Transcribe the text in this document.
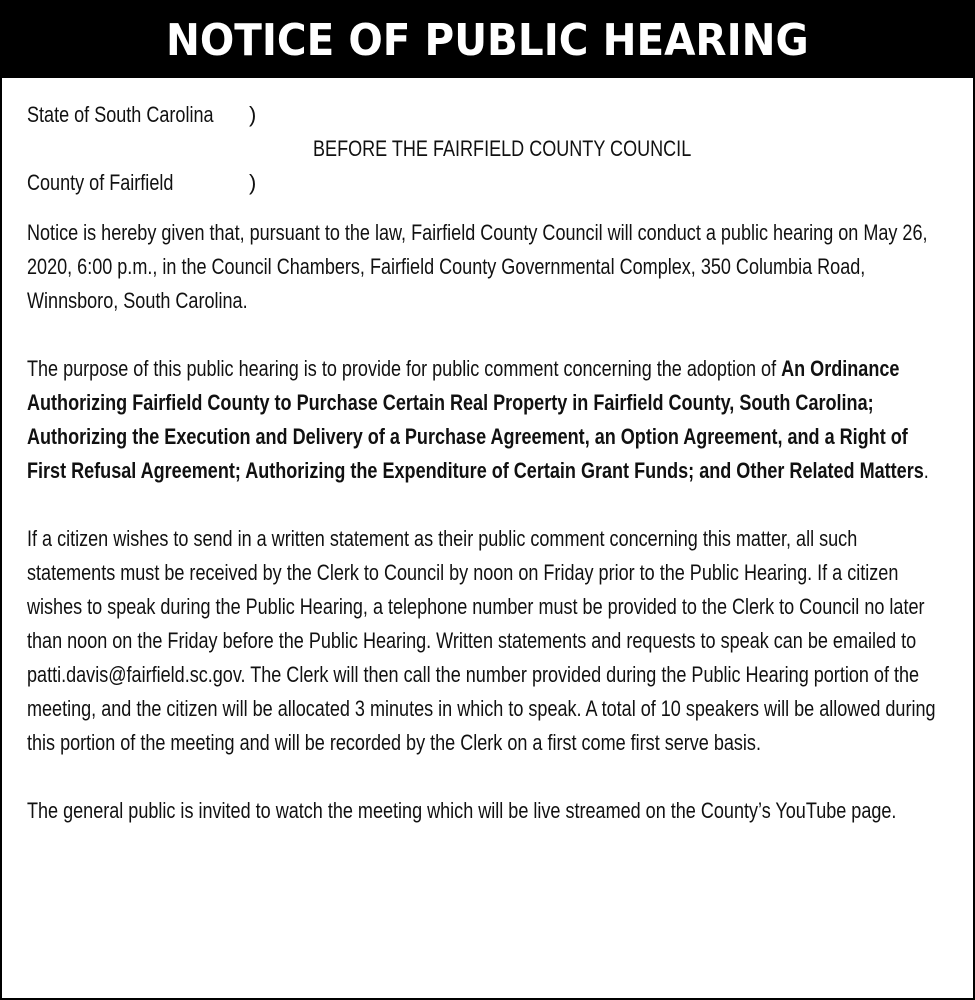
NOTICE OF PUBLIC HEARING
State of South Carolina )
BEFORE THE FAIRFIELD COUNTY COUNCIL
County of Fairfield	)

Notice is hereby given that, pursuant to the law, Fairfield County Council will conduct a public hearing on May 26, 2020, 6:00 p.m., in the Council Chambers, Fairfield County Governmental Complex, 350 Columbia Road, Winnsboro, South Carolina.

The purpose of this public hearing is to provide for public comment concerning the adoption of An Ordinance Authorizing Fairfield County to Purchase Certain Real Property in Fairfield County, South Carolina; Authorizing the Execution and Delivery of a Purchase Agreement, an Option Agreement, and a Right of First Refusal Agreement; Authorizing the Expenditure of Certain Grant Funds; and Other Related Matters.

If a citizen wishes to send in a written statement as their public comment concerning this matter, all such statements must be received by the Clerk to Council by noon on Friday prior to the Public Hearing. If a citizen wishes to speak during the Public Hearing, a telephone number must be provided to the Clerk to Council no later than noon on the Friday before the Public Hearing. Written statements and requests to speak can be emailed to patti.davis@fairfield.sc.gov. The Clerk will then call the number provided during the Public Hearing portion of the meeting, and the citizen will be allocated 3 minutes in which to speak. A total of 10 speakers will be allowed during this portion of the meeting and will be recorded by the Clerk on a first come first serve basis.

The general public is invited to watch the meeting which will be live streamed on the County’s YouTube page.
